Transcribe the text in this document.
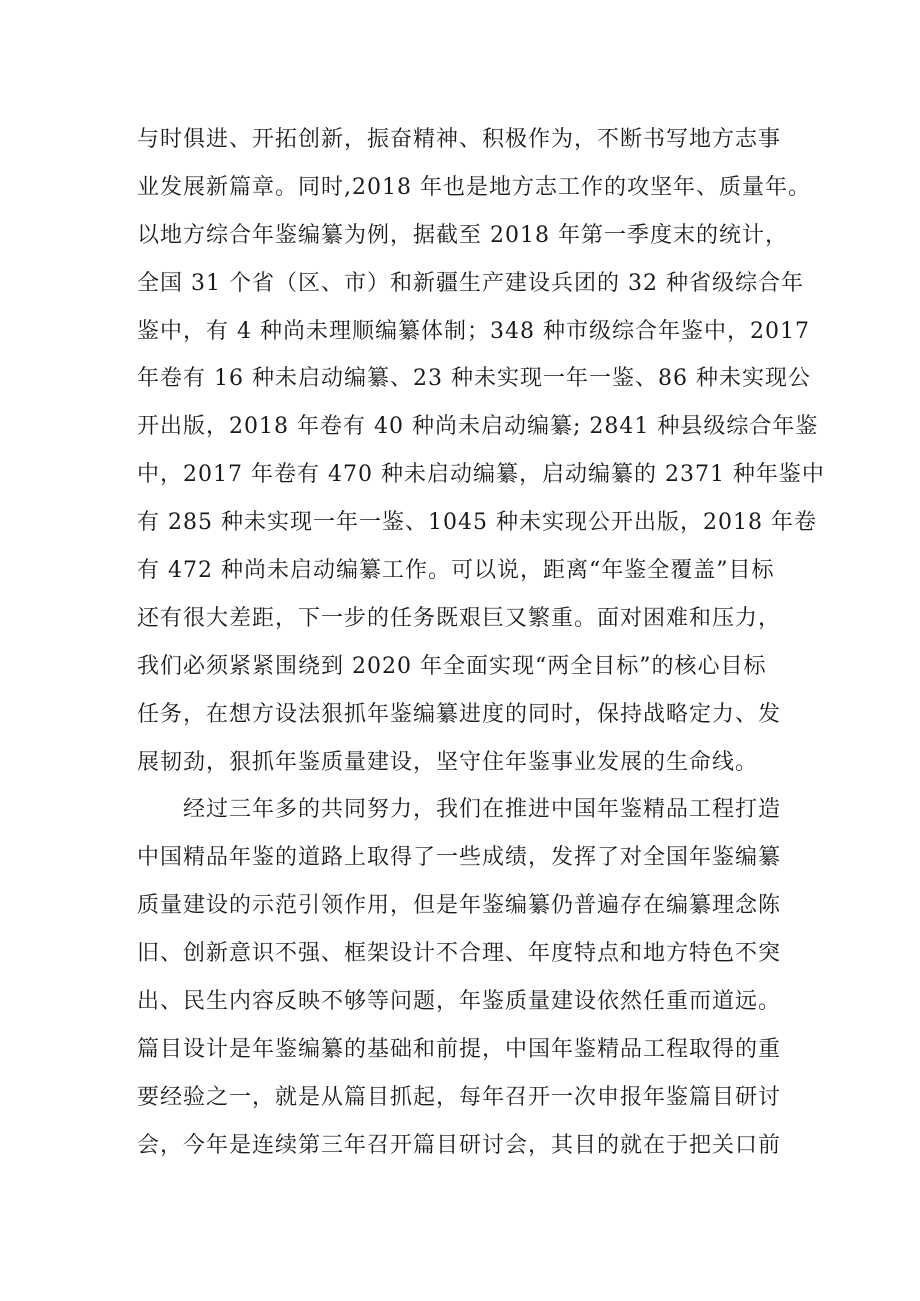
与时俱进、开拓创新，振奋精神、积极作为，不断书写地方志事
业发展新篇章。同时,2018 年也是地方志工作的攻坚年、质量年。
以地方综合年鉴编纂为例，据截至 2018 年第一季度末的统计，
全国 31 个省（区、市）和新疆生产建设兵团的 32 种省级综合年
鉴中，有 4 种尚未理顺编纂体制；348 种市级综合年鉴中，2017
年卷有 16 种未启动编纂、23 种未实现一年一鉴、86 种未实现公
开出版，2018 年卷有 40 种尚未启动编纂; 2841 种县级综合年鉴
中，2017 年卷有 470 种未启动编纂，启动编纂的 2371 种年鉴中
有 285 种未实现一年一鉴、1045 种未实现公开出版，2018 年卷
有 472 种尚未启动编纂工作。可以说，距离“年鉴全覆盖”目标
还有很大差距，下一步的任务既艰巨又繁重。面对困难和压力，
我们必须紧紧围绕到 2020 年全面实现“两全目标”的核心目标
任务，在想方设法狠抓年鉴编纂进度的同时，保持战略定力、发
展韧劲，狠抓年鉴质量建设，坚守住年鉴事业发展的生命线。
经过三年多的共同努力，我们在推进中国年鉴精品工程打造
中国精品年鉴的道路上取得了一些成绩，发挥了对全国年鉴编纂
质量建设的示范引领作用，但是年鉴编纂仍普遍存在编纂理念陈
旧、创新意识不强、框架设计不合理、年度特点和地方特色不突
出、民生内容反映不够等问题，年鉴质量建设依然任重而道远。
篇目设计是年鉴编纂的基础和前提，中国年鉴精品工程取得的重
要经验之一，就是从篇目抓起，每年召开一次申报年鉴篇目研讨
会，今年是连续第三年召开篇目研讨会，其目的就在于把关口前
